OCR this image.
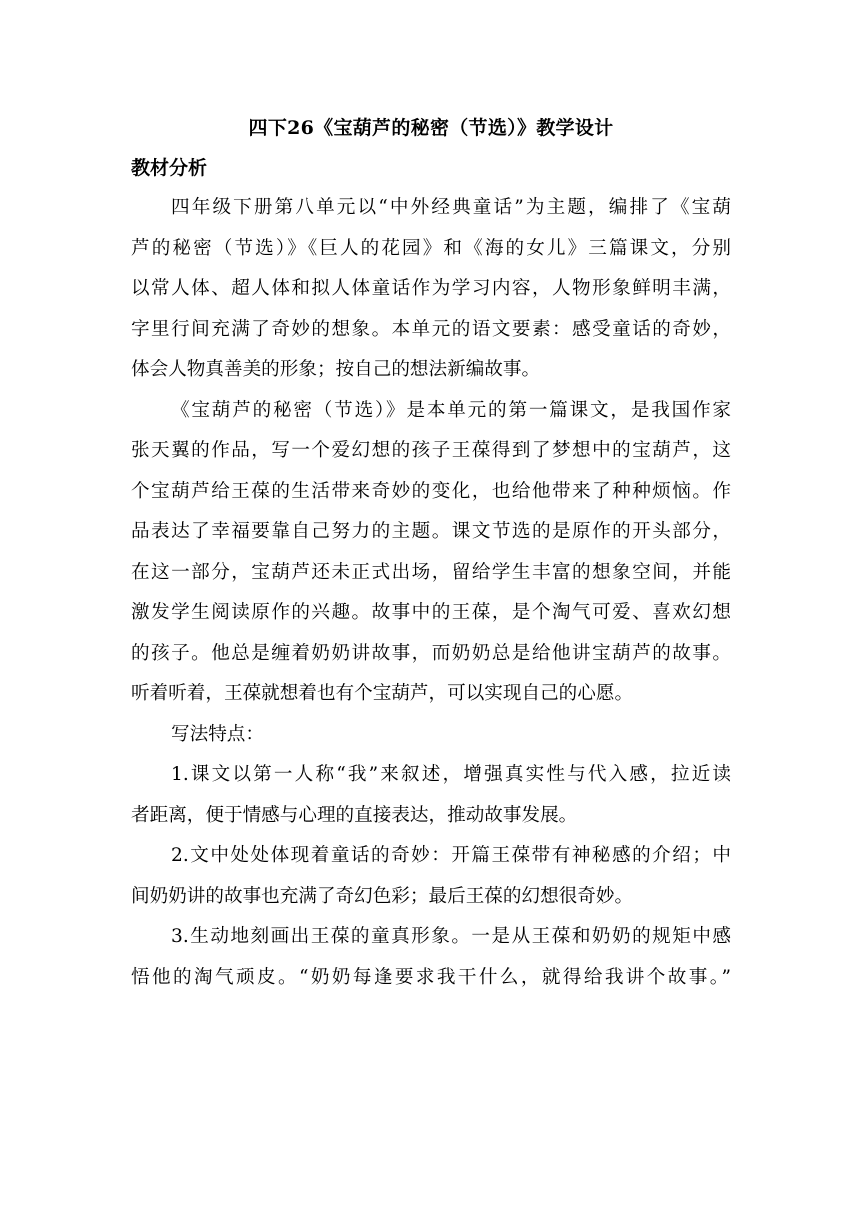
四下26《宝葫芦的秘密（节选）》教学设计
教材分析

四年级下册第八单元以“中外经典童话”为主题，编排了《宝葫
芦的秘密（节选）》《巨人的花园》和《海的女儿》三篇课文，分别
以常人体、超人体和拟人体童话作为学习内容，人物形象鲜明丰满，
字里行间充满了奇妙的想象。本单元的语文要素：感受童话的奇妙，
体会人物真善美的形象；按自己的想法新编故事。

《宝葫芦的秘密（节选）》是本单元的第一篇课文，是我国作家
张天翼的作品，写一个爱幻想的孩子王葆得到了梦想中的宝葫芦，这
个宝葫芦给王葆的生活带来奇妙的变化，也给他带来了种种烦恼。作
品表达了幸福要靠自己努力的主题。课文节选的是原作的开头部分，
在这一部分，宝葫芦还未正式出场，留给学生丰富的想象空间，并能
激发学生阅读原作的兴趣。故事中的王葆，是个淘气可爱、喜欢幻想
的孩子。他总是缠着奶奶讲故事，而奶奶总是给他讲宝葫芦的故事。
听着听着，王葆就想着也有个宝葫芦，可以实现自己的心愿。

写法特点：

1.课文以第一人称“我”来叙述，增强真实性与代入感，拉近读
者距离，便于情感与心理的直接表达，推动故事发展。

2.文中处处体现着童话的奇妙：开篇王葆带有神秘感的介绍；中
间奶奶讲的故事也充满了奇幻色彩；最后王葆的幻想很奇妙。

3.生动地刻画出王葆的童真形象。一是从王葆和奶奶的规矩中感
悟他的淘气顽皮。“奶奶每逢要求我干什么，就得给我讲个故事。”
